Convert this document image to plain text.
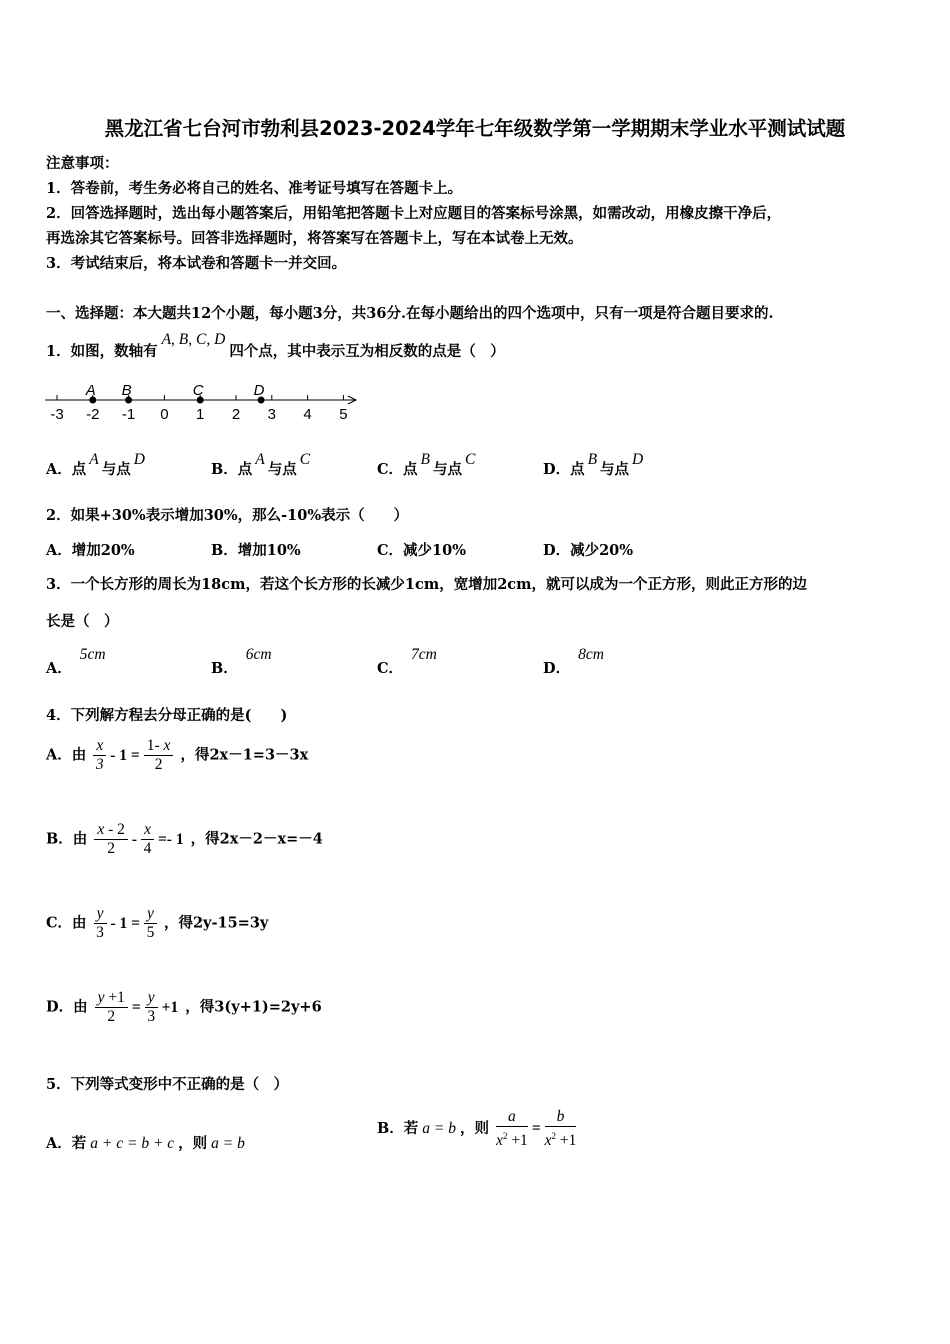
黑龙江省七台河市勃利县2023-2024学年七年级数学第一学期期末学业水平测试试题
注意事项：
1．答卷前，考生务必将自己的姓名、准考证号填写在答题卡上。
2．回答选择题时，选出每小题答案后，用铅笔把答题卡上对应题目的答案标号涂黑，如需改动，用橡皮擦干净后，
再选涂其它答案标号。回答非选择题时，将答案写在答题卡上，写在本试卷上无效。
3．考试结束后，将本试卷和答题卡一并交回。
一、选择题：本大题共12个小题，每小题3分，共36分.在每小题给出的四个选项中，只有一项是符合题目要求的.
1．如图，数轴有A, B, C, D四个点，其中表示互为相反数的点是（　）
-3 -2 -1 0 1 2 3 4 5
A B	C	D
A．点A与点D
B．点A与点C
C．点B与点C
D．点B与点D
2．如果+30%表示增加30%，那么-10%表示（　　）
A．增加20%	B．增加10%	C．减少10%	D．减少20%
3．一个长方形的周长为18cm，若这个长方形的长减少1cm，宽增加2cm，就可以成为一个正方形，则此正方形的边
长是（　）
A．5cm
B．6cm
C．7cm
D．8cm
4．下列解方程去分母正确的是(　　)
A．由 $\frac{x}{3} - 1 = \frac{1- x}{2}$ ，得2x－1=3－3x
B．由 $\frac{x - 2}{2} - \frac{x}{4} =- 1$ ，得2x－2－x=－4
C．由 $\frac{y}{3} - 1 = \frac{y}{5}$ ，得2y-15=3y
D．由 $\frac{y +1}{2} = \frac{y}{3} +1$ ，得3(y+1)=2y+6
5．下列等式变形中不正确的是（　）
A．若 a + c = b + c ，则 a = b
B．若 a = b ，则 $\frac{a}{x^2 +1} = \frac{b}{x^2 +1}$
